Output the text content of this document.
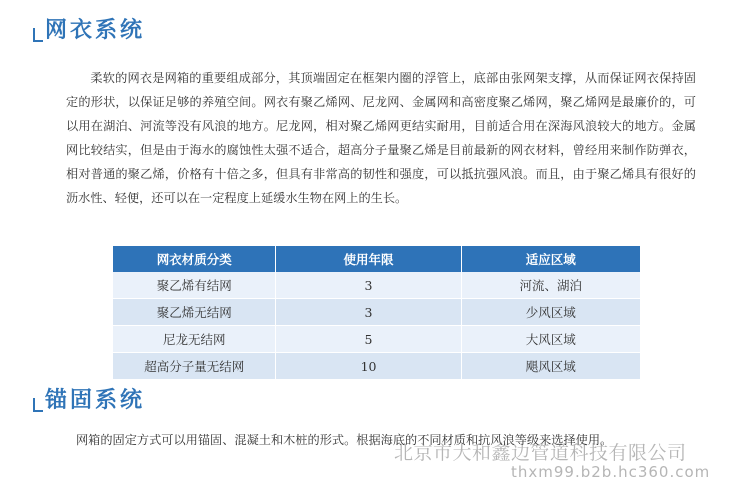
网衣系统

柔软的网衣是网箱的重要组成部分，其顶端固定在框架内圈的浮管上，底部由张网架支撑，从而保证网衣保持固定的形状，以保证足够的养殖空间。网衣有聚乙烯网、尼龙网、金属网和高密度聚乙烯网，聚乙烯网是最廉价的，可以用在湖泊、河流等没有风浪的地方。尼龙网，相对聚乙烯网更结实耐用，目前适合用在深海风浪较大的地方。金属网比较结实，但是由于海水的腐蚀性太强不适合，超高分子量聚乙烯是目前最新的网衣材料，曾经用来制作防弹衣，相对普通的聚乙烯，价格有十倍之多，但具有非常高的韧性和强度，可以抵抗强风浪。而且，由于聚乙烯具有很好的沥水性、轻便，还可以在一定程度上延缓水生物在网上的生长。

网衣材质分类	使用年限	适应区域
聚乙烯有结网	3	河流、湖泊
聚乙烯无结网	3	少风区域
尼龙无结网	5	大风区域
超高分子量无结网	10	飓风区域
锚固系统

网箱的固定方式可以用锚固、混凝土和木桩的形式。根据海底的不同材质和抗风浪等级来选择使用。

北京市大和鑫边管道科技有限公司
thxm99.b2b.hc360.com
